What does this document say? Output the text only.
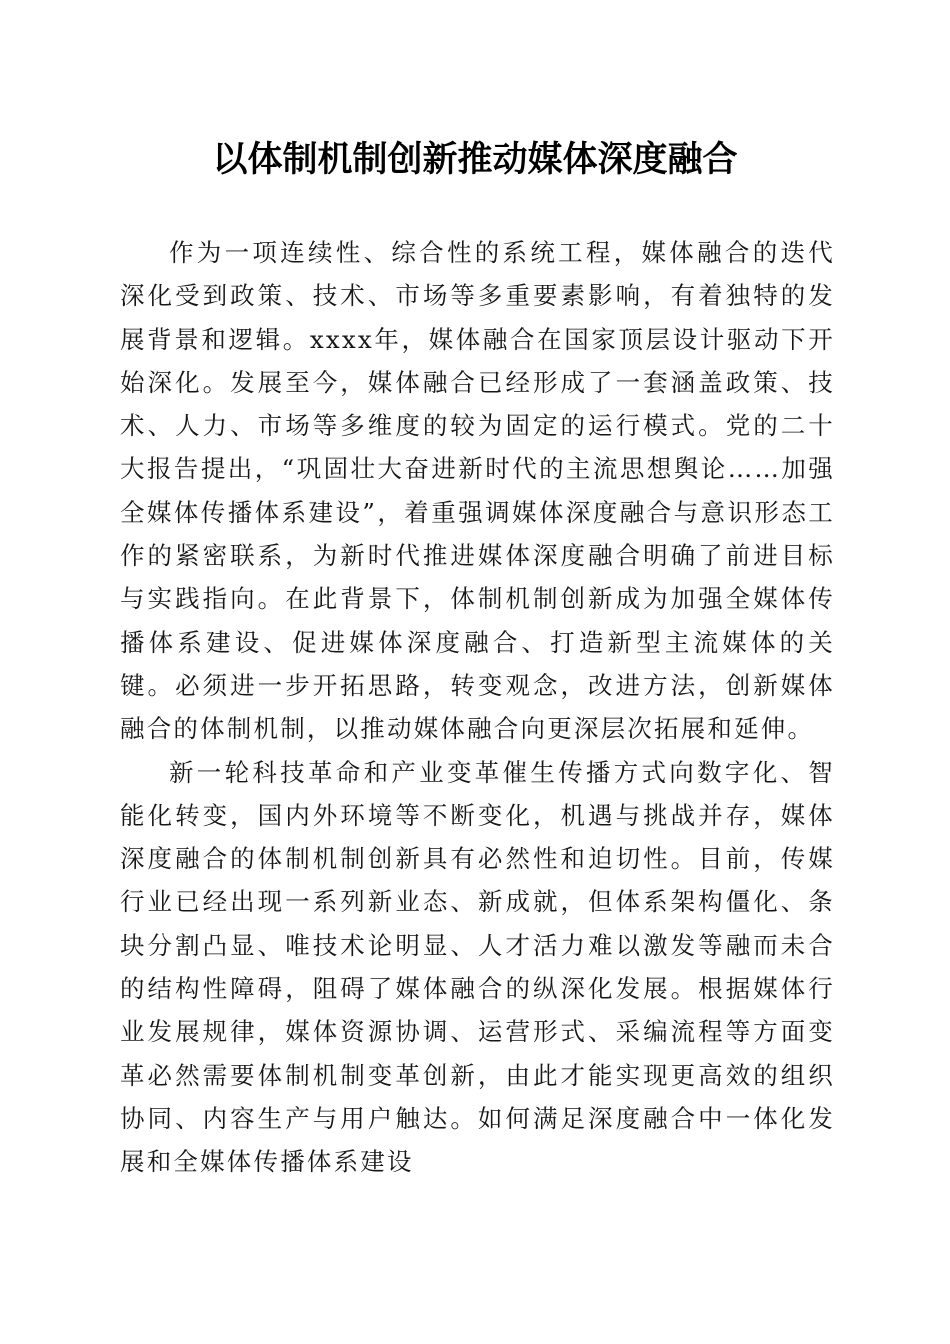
以体制机制创新推动媒体深度融合

作为一项连续性、综合性的系统工程，媒体融合的迭代深化受到政策、技术、市场等多重要素影响，有着独特的发展背景和逻辑。xxxx年，媒体融合在国家顶层设计驱动下开始深化。发展至今，媒体融合已经形成了一套涵盖政策、技术、人力、市场等多维度的较为固定的运行模式。党的二十大报告提出，“巩固壮大奋进新时代的主流思想舆论……加强全媒体传播体系建设”，着重强调媒体深度融合与意识形态工作的紧密联系，为新时代推进媒体深度融合明确了前进目标与实践指向。在此背景下，体制机制创新成为加强全媒体传播体系建设、促进媒体深度融合、打造新型主流媒体的关键。必须进一步开拓思路，转变观念，改进方法，创新媒体融合的体制机制，以推动媒体融合向更深层次拓展和延伸。

新一轮科技革命和产业变革催生传播方式向数字化、智能化转变，国内外环境等不断变化，机遇与挑战并存，媒体深度融合的体制机制创新具有必然性和迫切性。目前，传媒行业已经出现一系列新业态、新成就，但体系架构僵化、条块分割凸显、唯技术论明显、人才活力难以激发等融而未合的结构性障碍，阻碍了媒体融合的纵深化发展。根据媒体行业发展规律，媒体资源协调、运营形式、采编流程等方面变革必然需要体制机制变革创新，由此才能实现更高效的组织协同、内容生产与用户触达。如何满足深度融合中一体化发展和全媒体传播体系建设
